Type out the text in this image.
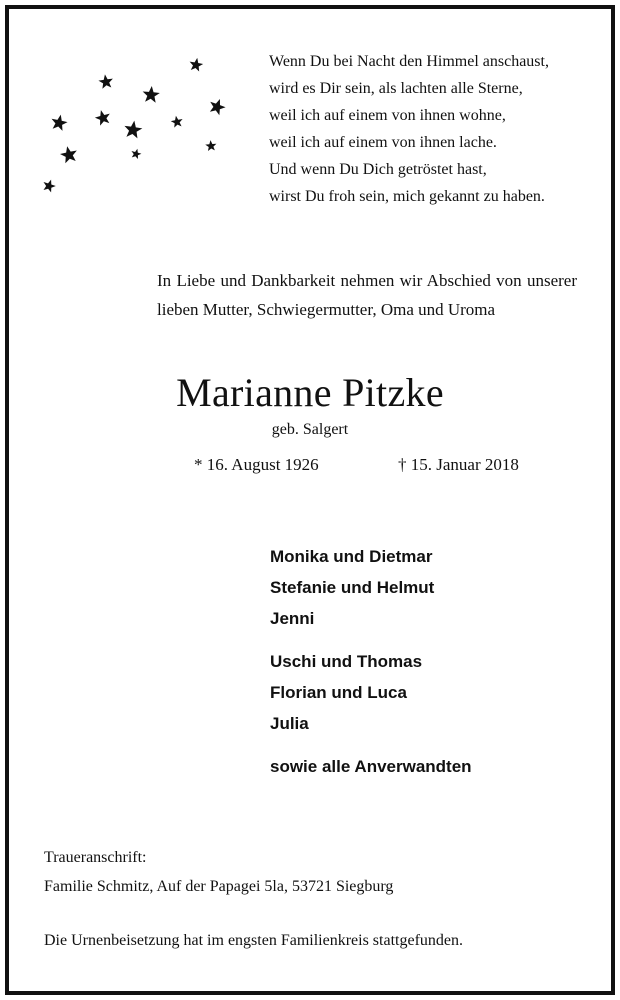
Wenn Du bei Nacht den Himmel anschaust,
wird es Dir sein, als lachten alle Sterne,
weil ich auf einem von ihnen wohne,
weil ich auf einem von ihnen lache.
Und wenn Du Dich getröstet hast,
wirst Du froh sein, mich gekannt zu haben.
In Liebe und Dankbarkeit nehmen wir Abschied von unserer lieben Mutter, Schwiegermutter, Oma und Uroma
Marianne Pitzke
geb. Salgert
* 16. August 1926	† 15. Januar 2018
Monika und Dietmar
Stefanie und Helmut
Jenni
Uschi und Thomas
Florian und Luca
Julia
sowie alle Anverwandten
Traueranschrift:
Familie Schmitz, Auf der Papagei 5la, 53721 Siegburg
Die Urnenbeisetzung hat im engsten Familienkreis stattgefunden.
